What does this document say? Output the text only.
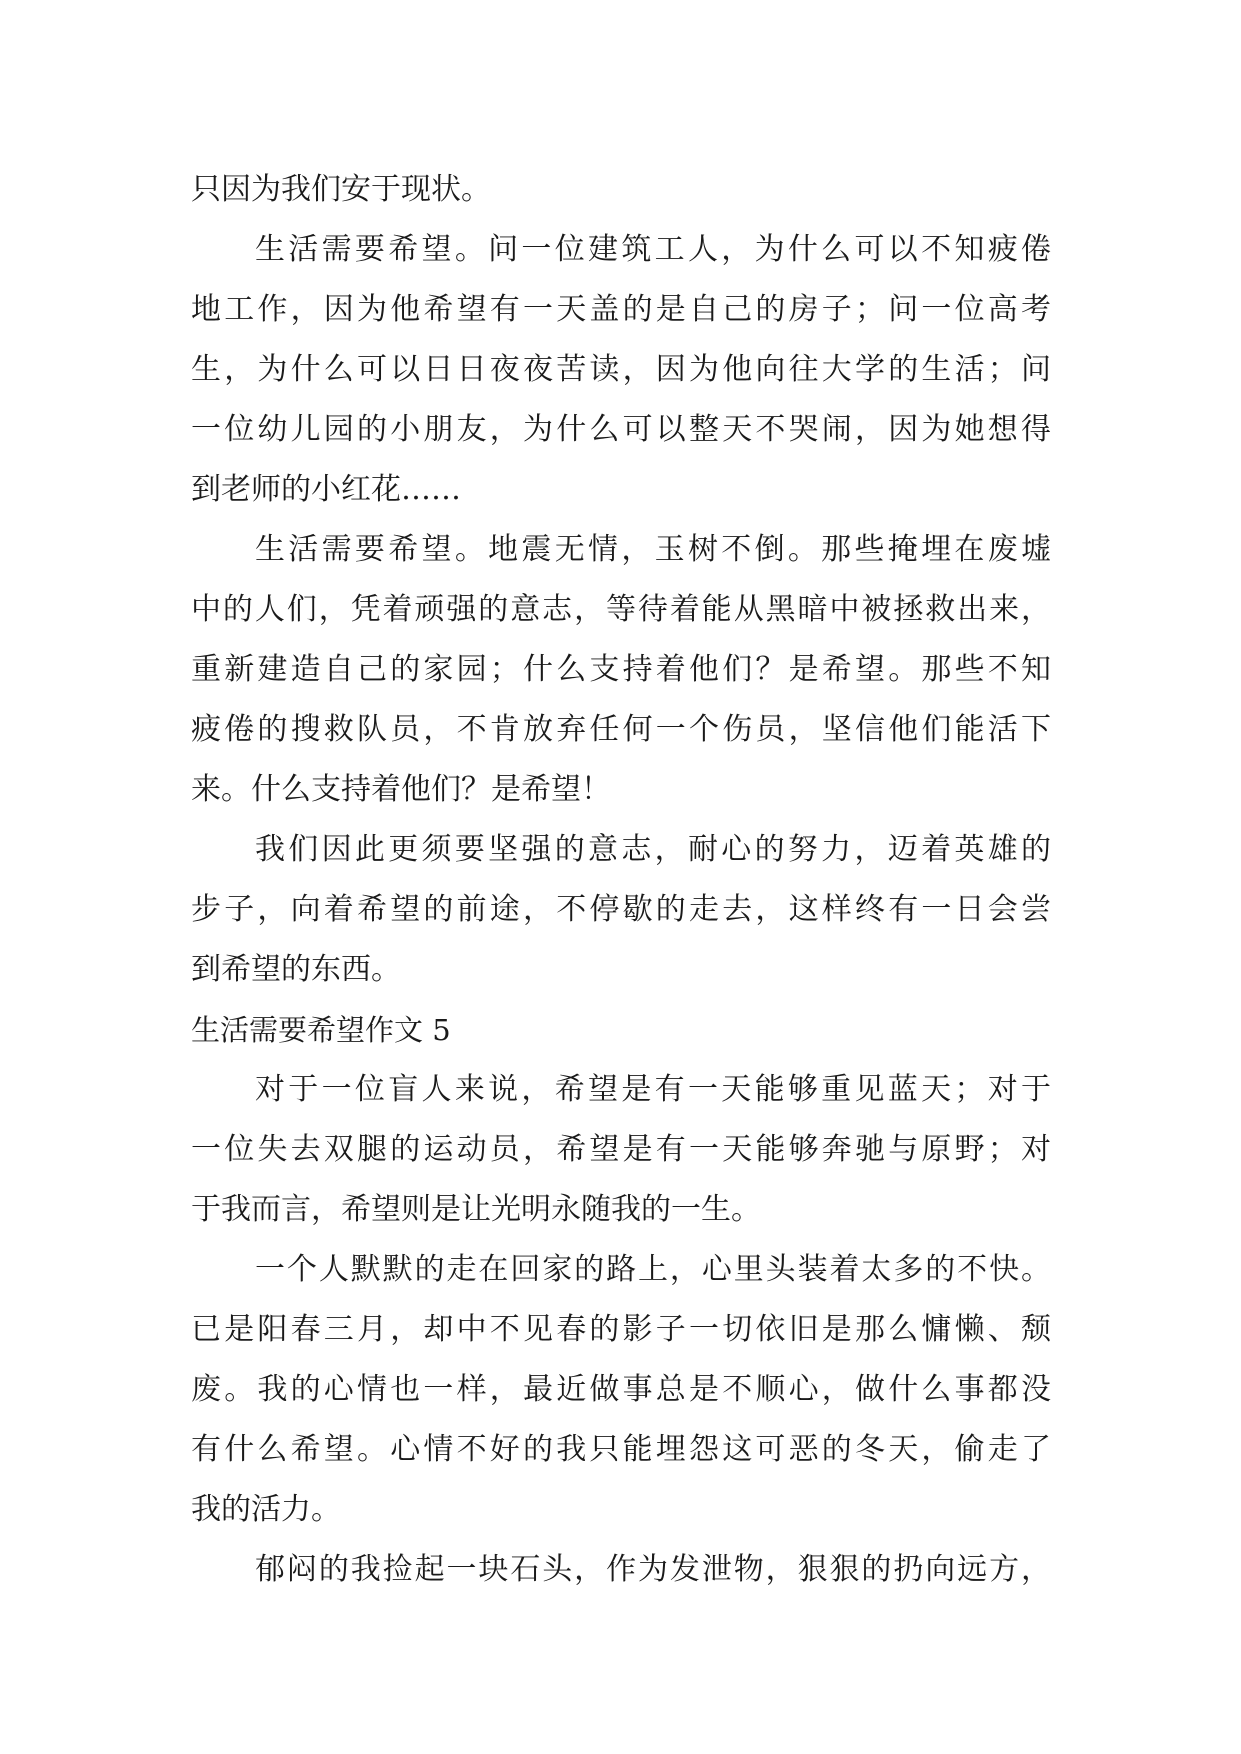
只因为我们安于现状。
生活需要希望。问一位建筑工人，为什么可以不知疲倦
地工作，因为他希望有一天盖的是自己的房子；问一位高考
生，为什么可以日日夜夜苦读，因为他向往大学的生活；问
一位幼儿园的小朋友，为什么可以整天不哭闹，因为她想得
到老师的小红花……
生活需要希望。地震无情，玉树不倒。那些掩埋在废墟
中的人们，凭着顽强的意志，等待着能从黑暗中被拯救出来，
重新建造自己的家园；什么支持着他们？是希望。那些不知
疲倦的搜救队员，不肯放弃任何一个伤员，坚信他们能活下
来。什么支持着他们？是希望！
我们因此更须要坚强的意志，耐心的努力，迈着英雄的
步子，向着希望的前途，不停歇的走去，这样终有一日会尝
到希望的东西。
生活需要希望作文 5
对于一位盲人来说，希望是有一天能够重见蓝天；对于
一位失去双腿的运动员，希望是有一天能够奔驰与原野；对
于我而言，希望则是让光明永随我的一生。
一个人默默的走在回家的路上，心里头装着太多的不快。
已是阳春三月，却中不见春的影子一切依旧是那么慵懒、颓
废。我的心情也一样，最近做事总是不顺心，做什么事都没
有什么希望。心情不好的我只能埋怨这可恶的冬天，偷走了
我的活力。
郁闷的我捡起一块石头，作为发泄物，狠狠的扔向远方，
